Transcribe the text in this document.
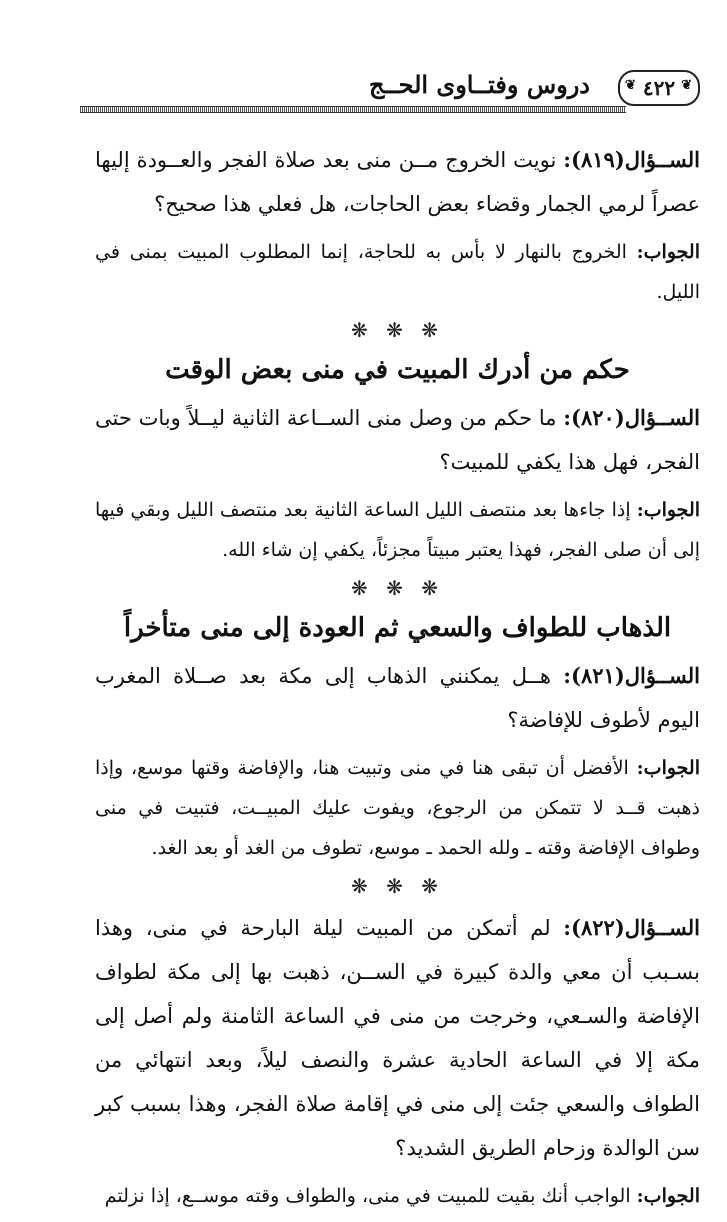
❦ ٤٢٢
❦
دروس وفتــاوى الحــج

الســؤال(٨١٩): نويت الخروج مــن منى بعد صلاة الفجر والعــودة إليها عصراً لرمي الجمار وقضاء بعض الحاجات، هل فعلي هذا صحيح؟

الجواب: الخروج بالنهار لا بأس به للحاجة، إنما المطلوب المبيت بمنى في الليل.

❋ ❋ ❋
حكم من أدرك المبيت في منى بعض الوقت

الســؤال(٨٢٠): ما حكم من وصل منى الســاعة الثانية ليــلاً وبات حتى الفجر، فهل هذا يكفي للمبيت؟

الجواب: إذا جاءها بعد منتصف الليل الساعة الثانية بعد منتصف الليل وبقي فيها إلى أن صلى الفجر، فهذا يعتبر مبيتاً مجزئاً، يكفي إن شاء الله.

❋ ❋ ❋
الذهاب للطواف والسعي ثم العودة إلى منى متأخراً

الســؤال(٨٢١): هــل يمكنني الذهاب إلى مكة بعد صــلاة المغرب اليوم لأطوف للإفاضة؟

الجواب: الأفضل أن تبقى هنا في منى وتبيت هنا، والإفاضة وقتها موسع، وإذا ذهبت قــد لا تتمكن من الرجوع، ويفوت عليك المبيــت، فتبيت في منى وطواف الإفاضة وقته ـ ولله الحمد ـ موسع، تطوف من الغد أو بعد الغد.

❋ ❋ ❋

الســؤال(٨٢٢): لم أتمكن من المبيت ليلة البارحة في منى، وهذا بسـبب أن معي والدة كبيرة في الســن، ذهبت بها إلى مكة لطواف الإفاضة والسـعي، وخرجت من منى في الساعة الثامنة ولم أصل إلى مكة إلا في الساعة الحادية عشرة والنصف ليلاً، وبعد انتهائي من الطواف والسعي جئت إلى منى في إقامة صلاة الفجر، وهذا بسبب كبر سن الوالدة وزحام الطريق الشديد؟

الجواب: الواجب أنك بقيت للمبيت في منى، والطواف وقته موســع، إذا نزلتم
